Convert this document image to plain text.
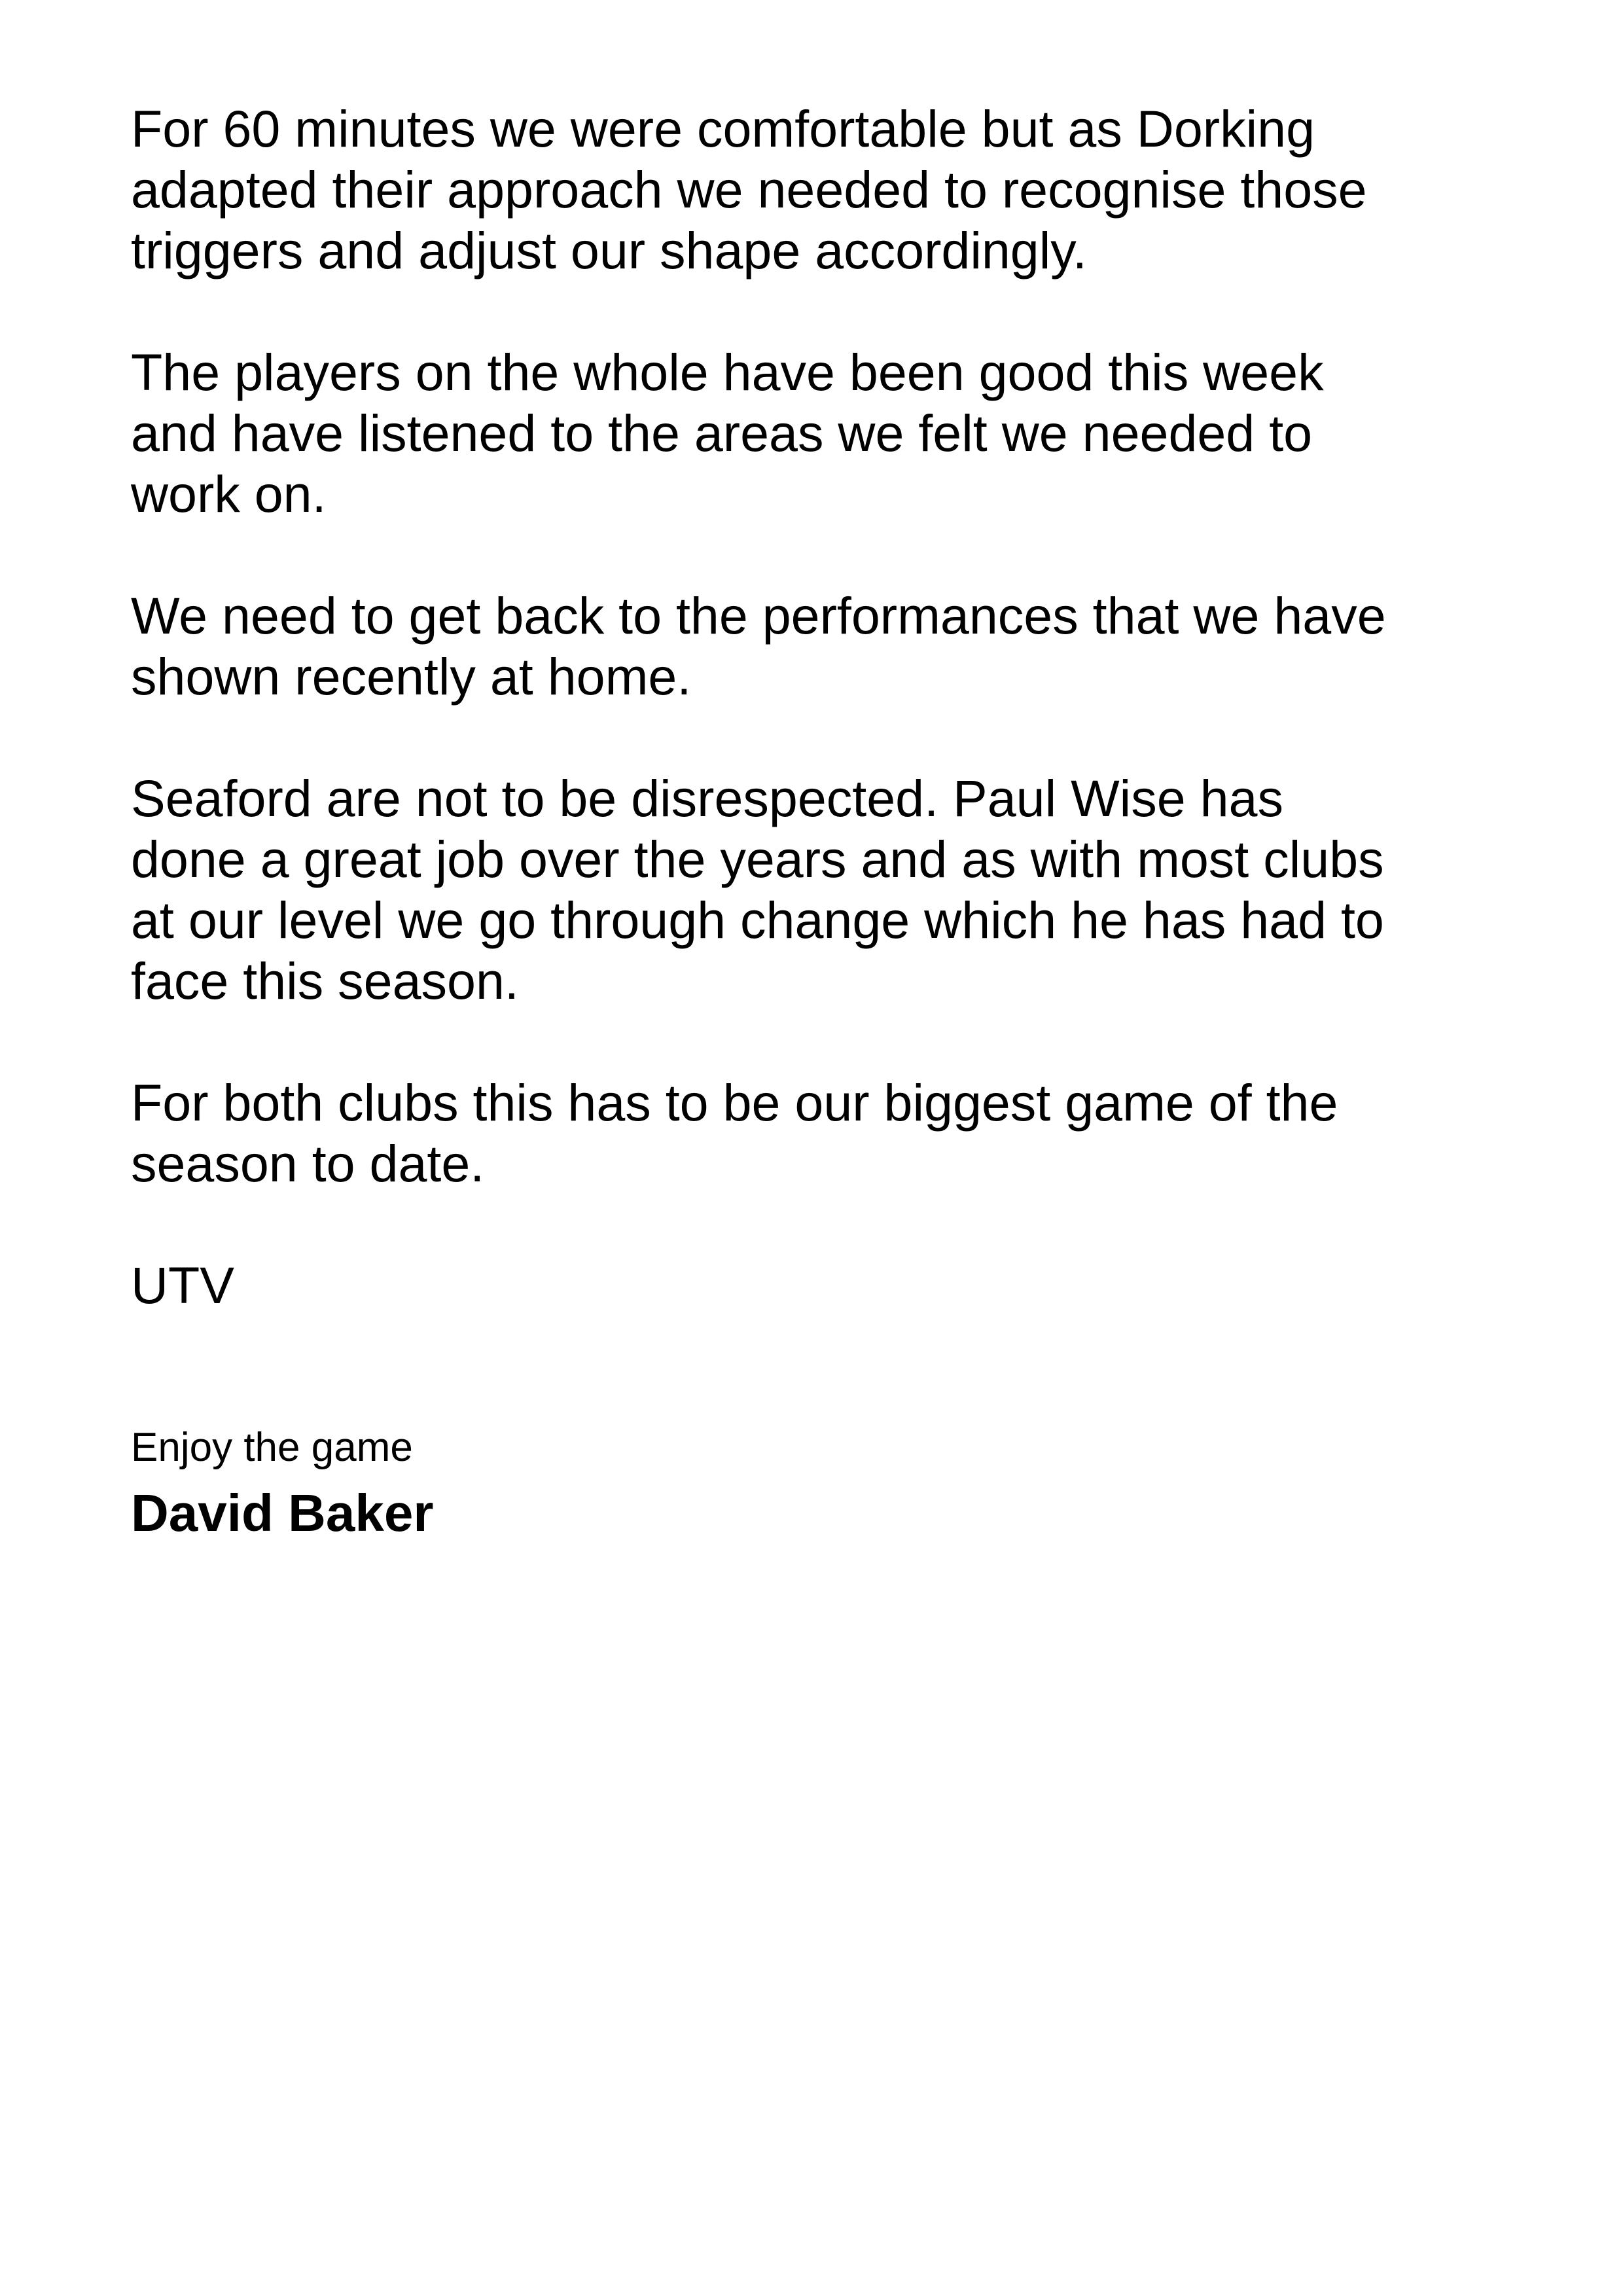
For 60 minutes we were comfortable but as Dorking
adapted their approach we needed to recognise those
triggers and adjust our shape accordingly.

The players on the whole have been good this week
and have listened to the areas we felt we needed to
work on.

We need to get back to the performances that we have
shown recently at home.

Seaford are not to be disrespected. Paul Wise has
done a great job over the years and as with most clubs
at our level we go through change which he has had to
face this season.

For both clubs this has to be our biggest game of the
season to date.

UTV

Enjoy the game

David Baker
